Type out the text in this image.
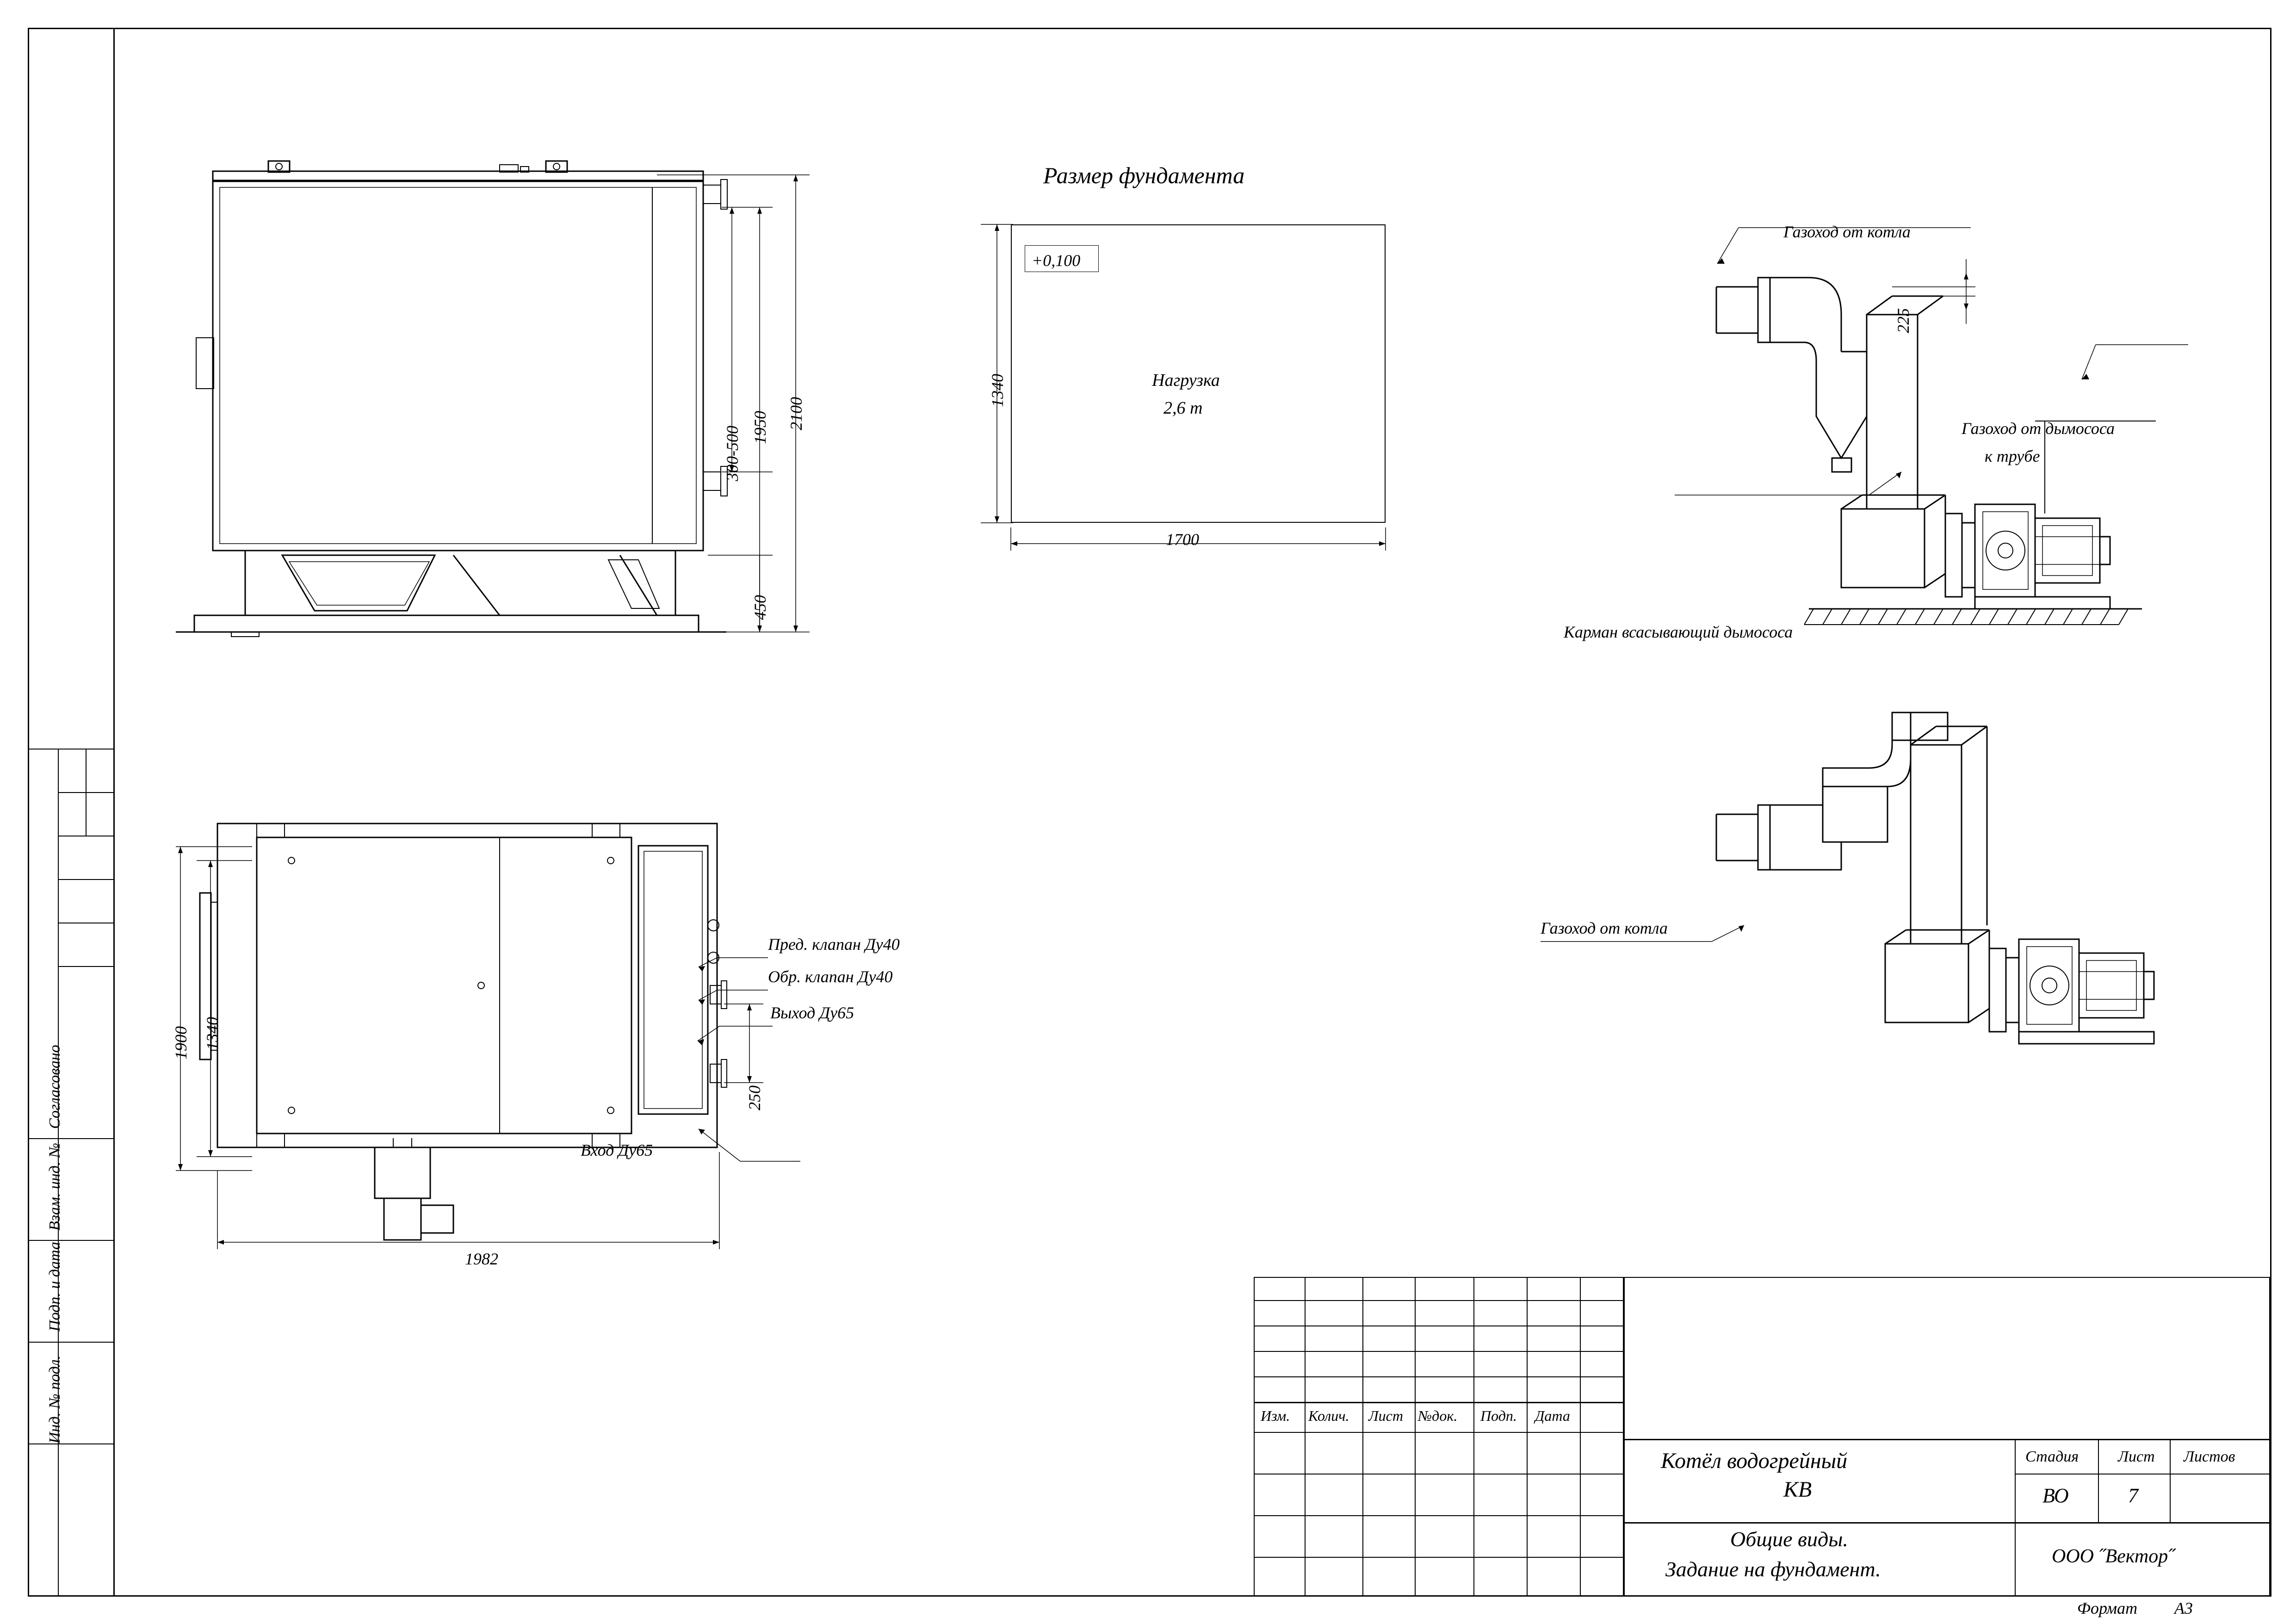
Согласовано
Взам. инд. №
Подп. и дата
Инд. № подл.
2100
1950
300-500
450
1900 1340
1982
250
Пред. клапан Ду40
Обр. клапан Ду40
Выход Ду65
Вход Ду65
Размер фундамента
+0,100
Нагрузка
2,6 т
1340
1700
Газоход от котла
Газоход от дымососа
к трубе
Карман всасывающий дымососа
225
Газоход от котла
Изм. Колич. Лист №док. Подп. Дата
Котёл водогрейный
КВ
Общие виды.
Задание на фундамент.
Стадия Лист Листов
ВО	7
ООО ˝Вектор˝
Формат А3
